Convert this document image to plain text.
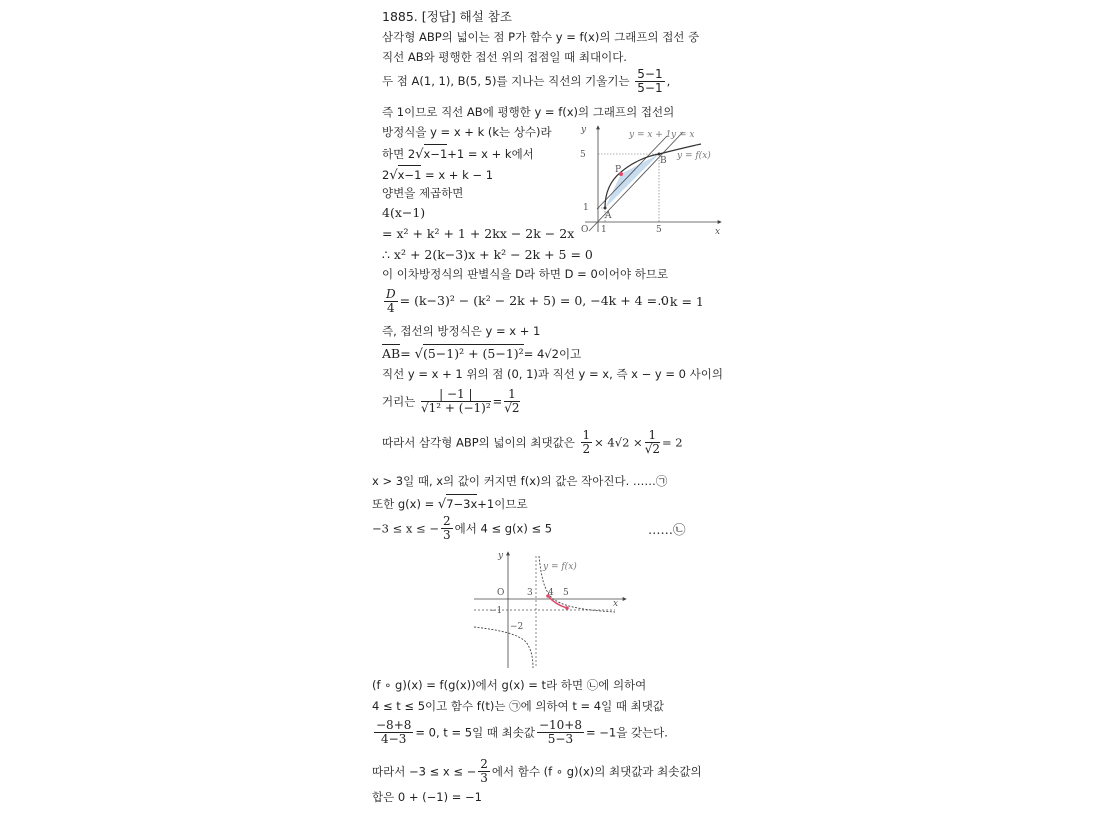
1885. [정답] 해설 참조
삼각형 ABP의 넓이는 점 P가 함수 y = f(x)의 그래프의 접선 중
직선 AB와 평행한 접선 위의 접점일 때 최대이다.
두 점 A(1, 1), B(5, 5)를 지나는 직선의 기울기는 $\frac{5-1}{5-1}$ ,
즉 1이므로 직선 AB에 평행한 y = f(x)의 그래프의 접선의
방정식을 y = x + k (k는 상수)라
하면 2√x−1+1 = x + k에서
2√x−1 = x + k − 1
양변을 제곱하면
4(x−1)
= x² + k² + 1 + 2kx − 2k − 2x
∴ x² + 2(k−3)x + k² − 2k + 5 = 0
이 이차방정식의 판별식을 D라 하면 D = 0이어야 하므로
$\frac{D}{4} = (k-3)^2 - (k^2 - 2k + 5) = 0$, −4k + 4 = 0
∴ k = 1
즉, 접선의 방정식은 y = x + 1
AB= √(5−1)² + (5−1)²= 4√2이고
직선 y = x + 1 위의 점 (0, 1)과 직선 y = x, 즉 x − y = 0 사이의
거리는 $\frac{| -1 |}{\text{√1² + (−1)²}} = \frac{1}{√2}$
따라서 삼각형 ABP의 넓이의 최댓값은 $\frac{1}{2} \times 4√2 \times \frac{1}{√2} = 2$
y
x
O 1	5
1
5
A
B
P
y = x + 1 y = x
y = f(x)
x > 3일 때, x의 값이 커지면 f(x)의 값은 작아진다. ……㉠
또한 g(x) = √7−3x+1이므로
−3 ≤ x ≤ − $\frac{2}{3}$ 에서 4 ≤ g(x) ≤ 5	……㉡
y
x
O	3 4 5
−1
−2
y = f(x)
(f ∘ g)(x) = f(g(x))에서 g(x) = t라 하면 ㉡에 의하여
4 ≤ t ≤ 5이고 함수 f(t)는 ㉠에 의하여 t = 4일 때 최댓값
$\frac{-8+8}{4-3} = 0$, t = 5일 때 최솟값 $\frac{-10+8}{5-3} = -1$을 갖는다.
따라서 −3 ≤ x ≤ − $\frac{2}{3}$ 에서 함수 (f ∘ g)(x)의 최댓값과 최솟값의
합은 0 + (−1) = −1
